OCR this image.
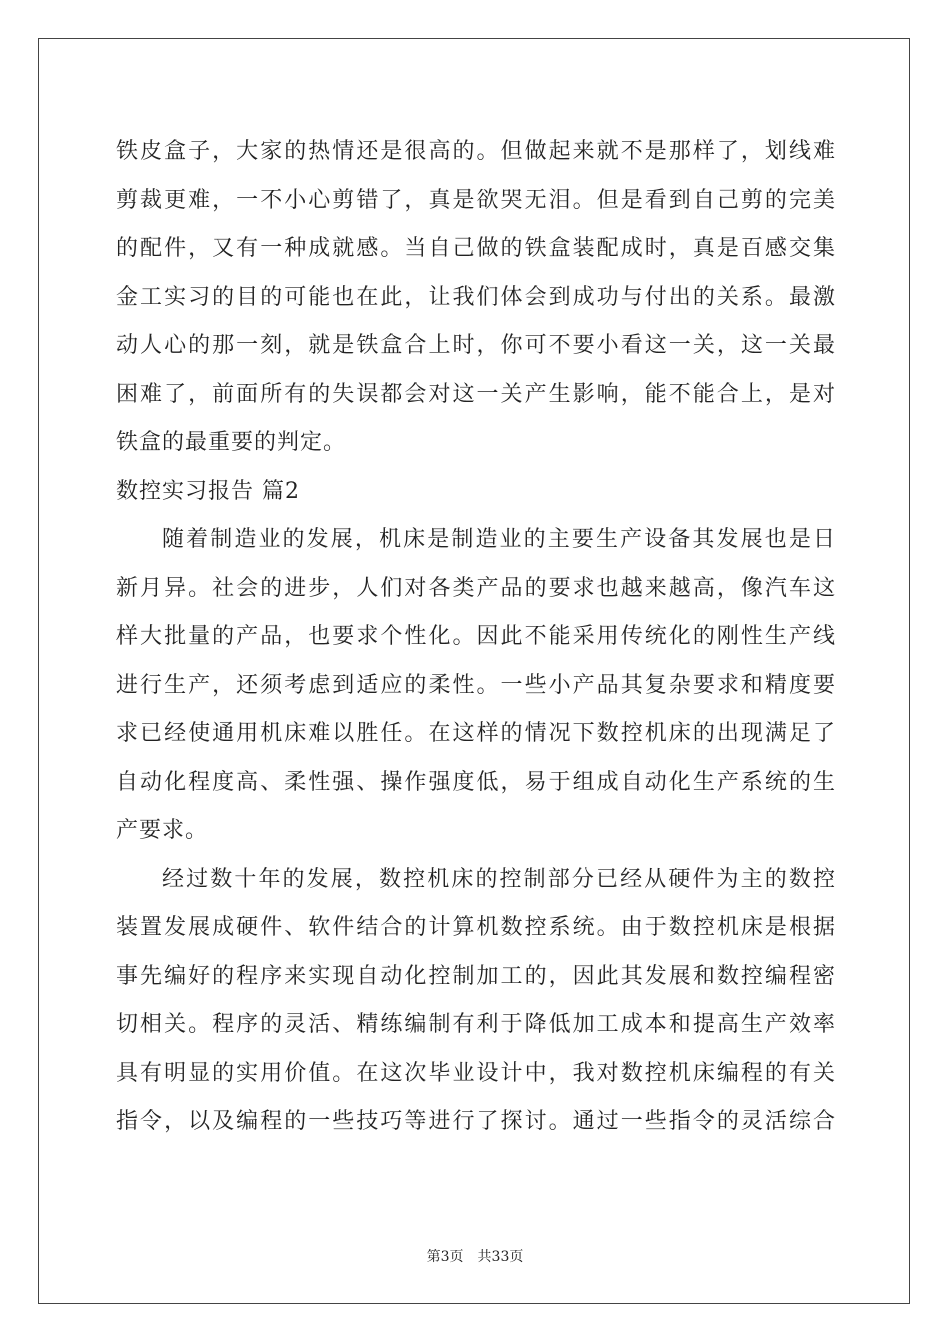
铁皮盒子，大家的热情还是很高的。但做起来就不是那样了，划线难
剪裁更难，一不小心剪错了，真是欲哭无泪。但是看到自己剪的完美
的配件，又有一种成就感。当自己做的铁盒装配成时，真是百感交集
金工实习的目的可能也在此，让我们体会到成功与付出的关系。最激
动人心的那一刻，就是铁盒合上时，你可不要小看这一关，这一关最
困难了，前面所有的失误都会对这一关产生影响，能不能合上，是对
铁盒的最重要的判定。
数控实习报告 篇2
随着制造业的发展，机床是制造业的主要生产设备其发展也是日
新月异。社会的进步，人们对各类产品的要求也越来越高，像汽车这
样大批量的产品，也要求个性化。因此不能采用传统化的刚性生产线
进行生产，还须考虑到适应的柔性。一些小产品其复杂要求和精度要
求已经使通用机床难以胜任。在这样的情况下数控机床的出现满足了
自动化程度高、柔性强、操作强度低，易于组成自动化生产系统的生
产要求。
经过数十年的发展，数控机床的控制部分已经从硬件为主的数控
装置发展成硬件、软件结合的计算机数控系统。由于数控机床是根据
事先编好的程序来实现自动化控制加工的，因此其发展和数控编程密
切相关。程序的灵活、精练编制有利于降低加工成本和提高生产效率
具有明显的实用价值。在这次毕业设计中，我对数控机床编程的有关
指令，以及编程的一些技巧等进行了探讨。通过一些指令的灵活综合
第3页　共33页
